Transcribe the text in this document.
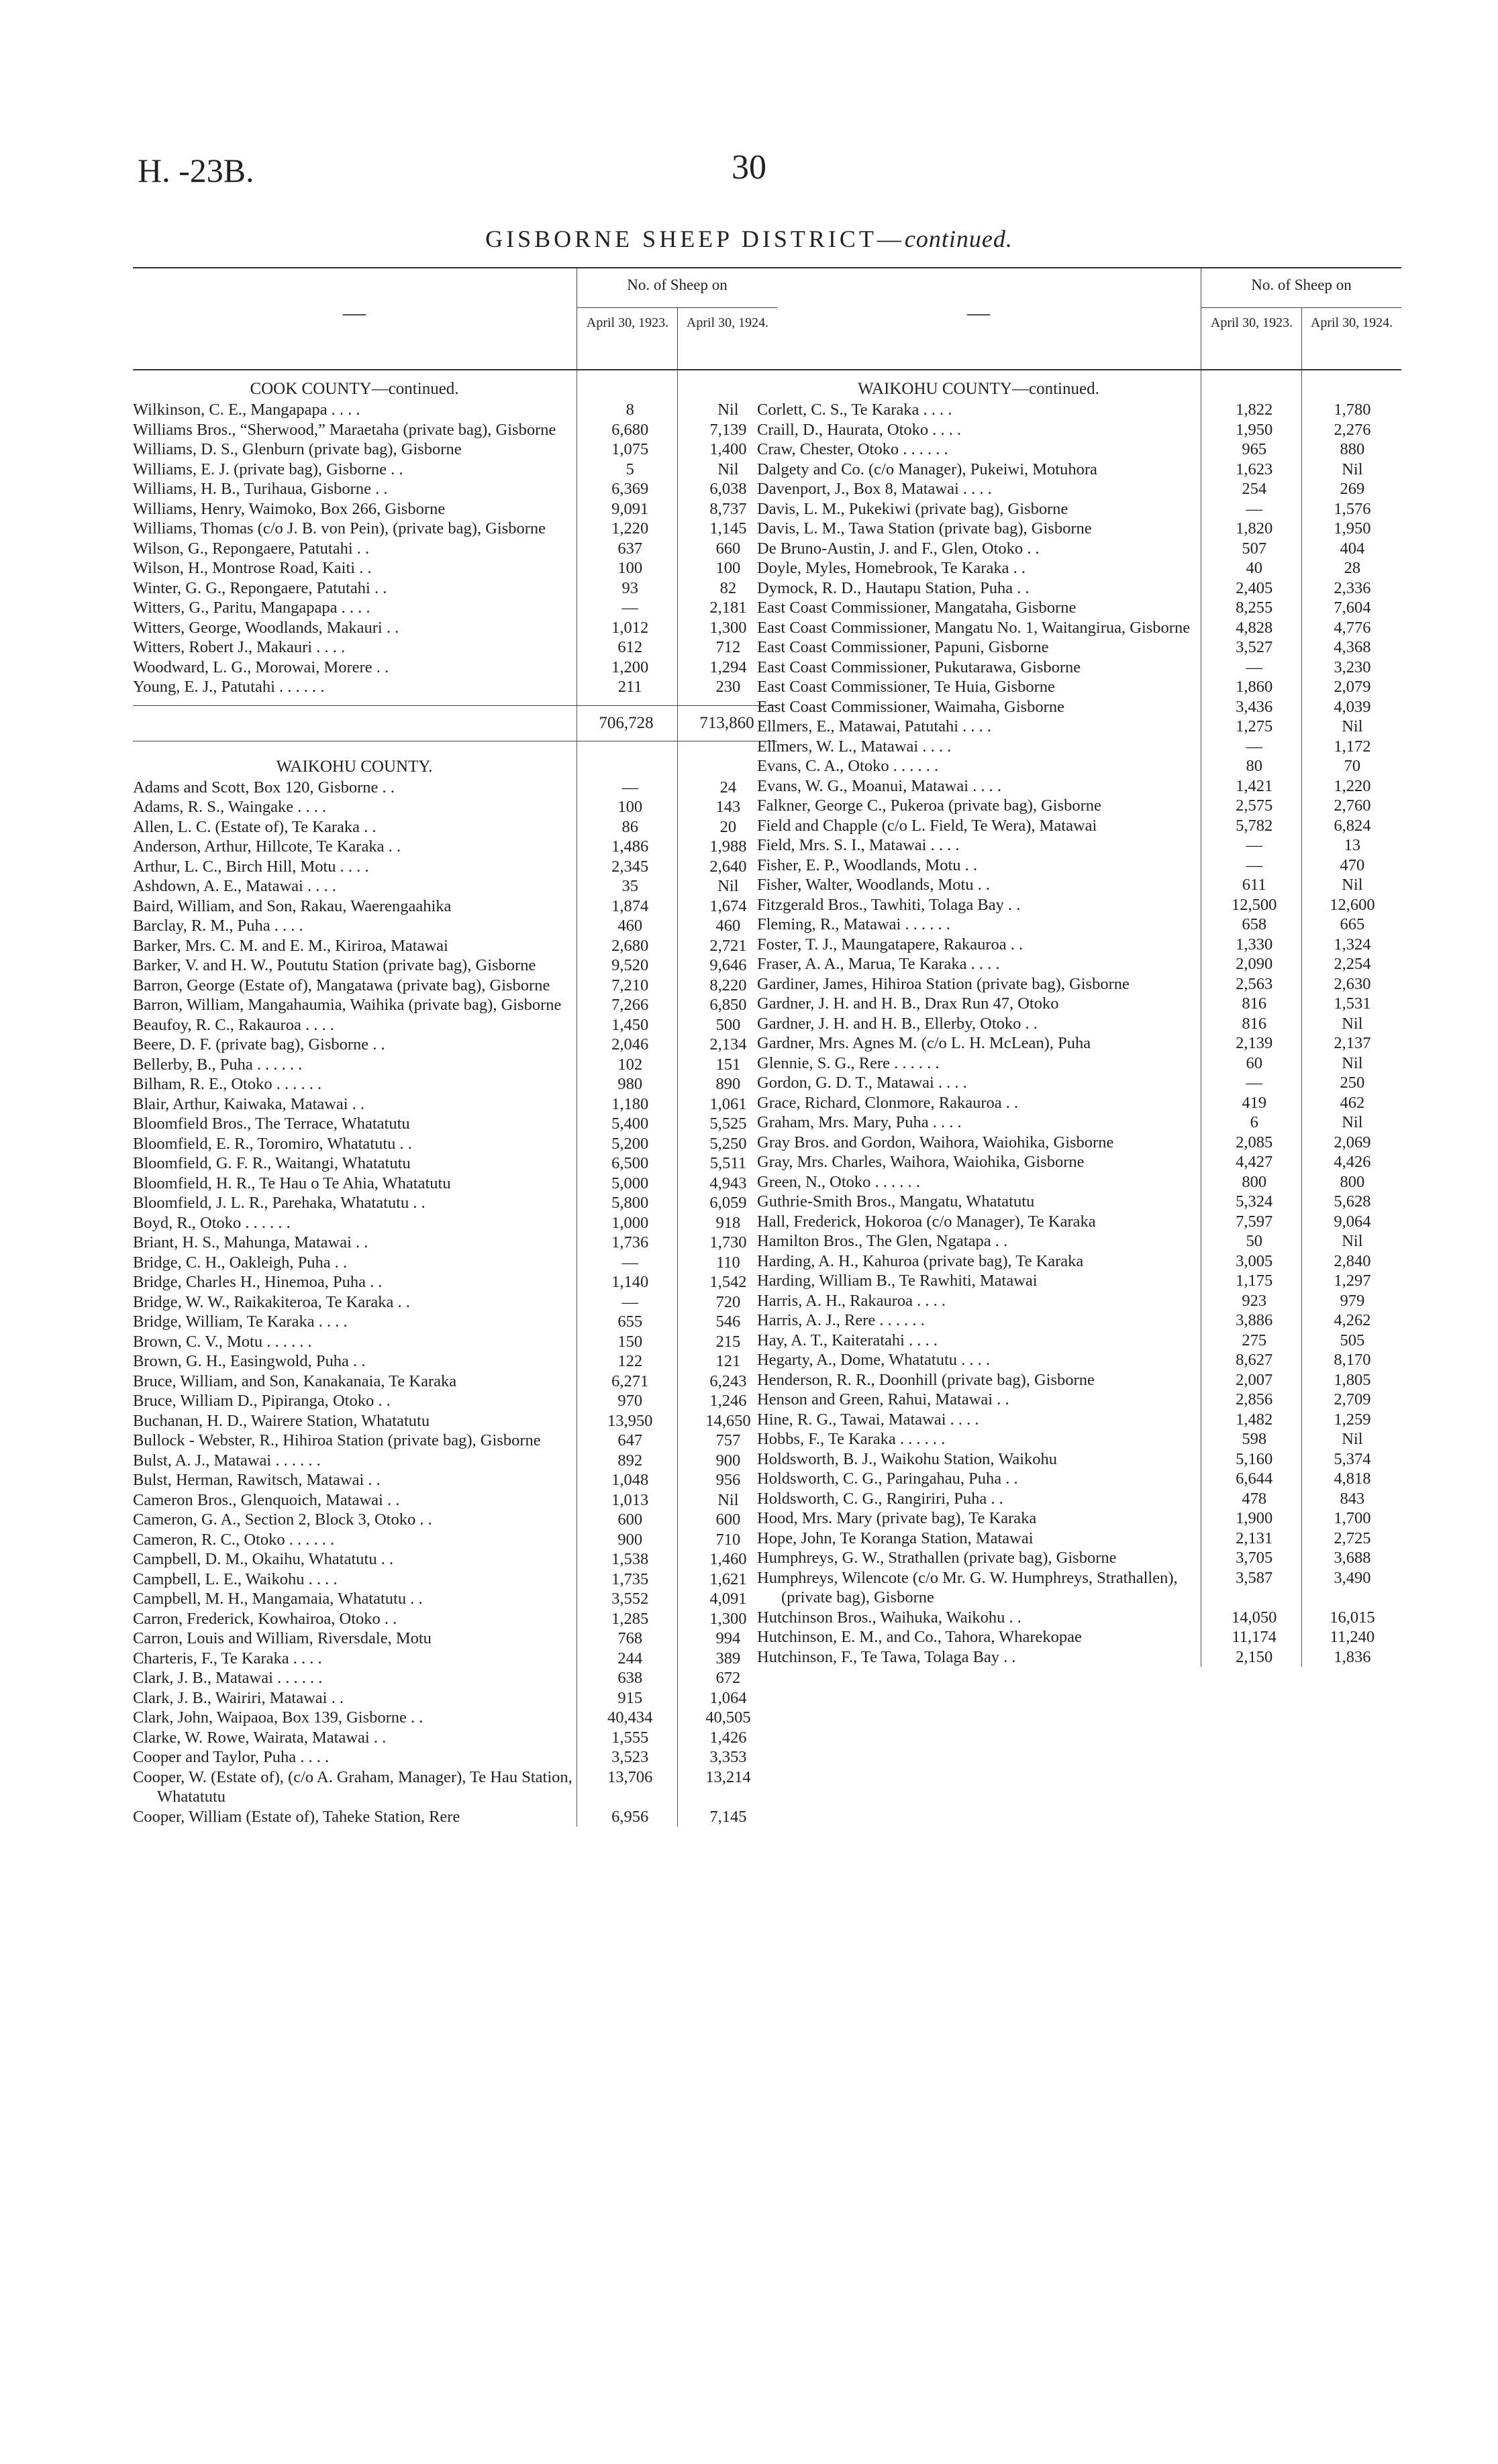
H. -23B.	30
GISBORNE SHEEP DISTRICT—continued.
—
No. of Sheep on
April 30, 1923.	April 30, 1924.
COOK COUNTY—continued.
Wilkinson, C. E., Mangapapa . . . .	8	Nil
Williams Bros., “Sherwood,” Maraetaha (private bag), Gisborne	6,680	7,139
Williams, D. S., Glenburn (private bag), Gisborne	1,075	1,400
Williams, E. J. (private bag), Gisborne . .	5	Nil
Williams, H. B., Turihaua, Gisborne . .	6,369	6,038
Williams, Henry, Waimoko, Box 266, Gisborne	9,091	8,737
Williams, Thomas (c/o J. B. von Pein), (private bag), Gisborne	1,220	1,145
Wilson, G., Repongaere, Patutahi . .	637	660
Wilson, H., Montrose Road, Kaiti . .	100	100
Winter, G. G., Repongaere, Patutahi . .	93	82
Witters, G., Paritu, Mangapapa . . . .	—	2,181
Witters, George, Woodlands, Makauri . .	1,012	1,300
Witters, Robert J., Makauri . . . .	612	712
Woodward, L. G., Morowai, Morere . .	1,200	1,294
Young, E. J., Patutahi . . . . . .	211	230
706,728	713,860
WAIKOHU COUNTY.
Adams and Scott, Box 120, Gisborne . .	—	24
Adams, R. S., Waingake . . . .	100	143
Allen, L. C. (Estate of), Te Karaka . .	86	20
Anderson, Arthur, Hillcote, Te Karaka . .	1,486	1,988
Arthur, L. C., Birch Hill, Motu . . . .	2,345	2,640
Ashdown, A. E., Matawai . . . .	35	Nil
Baird, William, and Son, Rakau, Waerengaahika	1,874	1,674
Barclay, R. M., Puha . . . .	460	460
Barker, Mrs. C. M. and E. M., Kiriroa, Matawai	2,680	2,721
Barker, V. and H. W., Poututu Station (private bag), Gisborne	9,520	9,646
Barron, George (Estate of), Mangatawa (private bag), Gisborne	7,210	8,220
Barron, William, Mangahaumia, Waihika (private bag), Gisborne	7,266	6,850
Beaufoy, R. C., Rakauroa . . . .	1,450	500
Beere, D. F. (private bag), Gisborne . .	2,046	2,134
Bellerby, B., Puha . . . . . .	102	151
Bilham, R. E., Otoko . . . . . .	980	890
Blair, Arthur, Kaiwaka, Matawai . .	1,180	1,061
Bloomfield Bros., The Terrace, Whatatutu	5,400	5,525
Bloomfield, E. R., Toromiro, Whatatutu . .	5,200	5,250
Bloomfield, G. F. R., Waitangi, Whatatutu	6,500	5,511
Bloomfield, H. R., Te Hau o Te Ahia, Whatatutu	5,000	4,943
Bloomfield, J. L. R., Parehaka, Whatatutu . .	5,800	6,059
Boyd, R., Otoko . . . . . .	1,000	918
Briant, H. S., Mahunga, Matawai . .	1,736	1,730
Bridge, C. H., Oakleigh, Puha . .	—	110
Bridge, Charles H., Hinemoa, Puha . .	1,140	1,542
Bridge, W. W., Raikakiteroa, Te Karaka . .	—	720
Bridge, William, Te Karaka . . . .	655	546
Brown, C. V., Motu . . . . . .	150	215
Brown, G. H., Easingwold, Puha . .	122	121
Bruce, William, and Son, Kanakanaia, Te Karaka	6,271	6,243
Bruce, William D., Pipiranga, Otoko . .	970	1,246
Buchanan, H. D., Wairere Station, Whatatutu	13,950	14,650
Bullock - Webster, R., Hihiroa Station (private bag), Gisborne	647	757
Bulst, A. J., Matawai . . . . . .	892	900
Bulst, Herman, Rawitsch, Matawai . .	1,048	956
Cameron Bros., Glenquoich, Matawai . .	1,013	Nil
Cameron, G. A., Section 2, Block 3, Otoko . .	600	600
Cameron, R. C., Otoko . . . . . .	900	710
Campbell, D. M., Okaihu, Whatatutu . .	1,538	1,460
Campbell, L. E., Waikohu . . . .	1,735	1,621
Campbell, M. H., Mangamaia, Whatatutu . .	3,552	4,091
Carron, Frederick, Kowhairoa, Otoko . .	1,285	1,300
Carron, Louis and William, Riversdale, Motu	768	994
Charteris, F., Te Karaka . . . .	244	389
Clark, J. B., Matawai . . . . . .	638	672
Clark, J. B., Wairiri, Matawai . .	915	1,064
Clark, John, Waipaoa, Box 139, Gisborne . .	40,434	40,505
Clarke, W. Rowe, Wairata, Matawai . .	1,555	1,426
Cooper and Taylor, Puha . . . .	3,523	3,353
Cooper, W. (Estate of), (c/o A. Graham, Manager), Te Hau Station, Whatatutu
13,706	13,214
Cooper, William (Estate of), Taheke Station, Rere	6,956	7,145
—
No. of Sheep on
April 30, 1923.	April 30, 1924.
WAIKOHU COUNTY—continued.
Corlett, C. S., Te Karaka . . . .	1,822	1,780
Craill, D., Haurata, Otoko . . . .	1,950	2,276
Craw, Chester, Otoko . . . . . .	965	880
Dalgety and Co. (c/o Manager), Pukeiwi, Motuhora	1,623	Nil
Davenport, J., Box 8, Matawai . . . .	254	269
Davis, L. M., Pukekiwi (private bag), Gisborne	—	1,576
Davis, L. M., Tawa Station (private bag), Gisborne	1,820	1,950
De Bruno-Austin, J. and F., Glen, Otoko . .	507	404
Doyle, Myles, Homebrook, Te Karaka . .	40	28
Dymock, R. D., Hautapu Station, Puha . .	2,405	2,336
East Coast Commissioner, Mangataha, Gisborne	8,255	7,604
East Coast Commissioner, Mangatu No. 1, Waitangirua, Gisborne	4,828	4,776
East Coast Commissioner, Papuni, Gisborne	3,527	4,368
East Coast Commissioner, Pukutarawa, Gisborne	—	3,230
East Coast Commissioner, Te Huia, Gisborne	1,860	2,079
East Coast Commissioner, Waimaha, Gisborne	3,436	4,039
Ellmers, E., Matawai, Patutahi . . . .	1,275	Nil
Ellmers, W. L., Matawai . . . .	—	1,172
Evans, C. A., Otoko . . . . . .	80	70
Evans, W. G., Moanui, Matawai . . . .	1,421	1,220
Falkner, George C., Pukeroa (private bag), Gisborne	2,575	2,760
Field and Chapple (c/o L. Field, Te Wera), Matawai	5,782	6,824
Field, Mrs. S. I., Matawai . . . .	—	13
Fisher, E. P., Woodlands, Motu . .	—	470
Fisher, Walter, Woodlands, Motu . .	611	Nil
Fitzgerald Bros., Tawhiti, Tolaga Bay . .	12,500	12,600
Fleming, R., Matawai . . . . . .	658	665
Foster, T. J., Maungatapere, Rakauroa . .	1,330	1,324
Fraser, A. A., Marua, Te Karaka . . . .	2,090	2,254
Gardiner, James, Hihiroa Station (private bag), Gisborne	2,563	2,630
Gardner, J. H. and H. B., Drax Run 47, Otoko	816	1,531
Gardner, J. H. and H. B., Ellerby, Otoko . .	816	Nil
Gardner, Mrs. Agnes M. (c/o L. H. McLean), Puha	2,139	2,137
Glennie, S. G., Rere . . . . . .	60	Nil
Gordon, G. D. T., Matawai . . . .	—	250
Grace, Richard, Clonmore, Rakauroa . .	419	462
Graham, Mrs. Mary, Puha . . . .	6	Nil
Gray Bros. and Gordon, Waihora, Waiohika, Gisborne	2,085	2,069
Gray, Mrs. Charles, Waihora, Waiohika, Gisborne	4,427	4,426
Green, N., Otoko . . . . . .	800	800
Guthrie-Smith Bros., Mangatu, Whatatutu	5,324	5,628
Hall, Frederick, Hokoroa (c/o Manager), Te Karaka	7,597	9,064
Hamilton Bros., The Glen, Ngatapa . .	50	Nil
Harding, A. H., Kahuroa (private bag), Te Karaka	3,005	2,840
Harding, William B., Te Rawhiti, Matawai	1,175	1,297
Harris, A. H., Rakauroa . . . .	923	979
Harris, A. J., Rere . . . . . .	3,886	4,262
Hay, A. T., Kaiteratahi . . . .	275	505
Hegarty, A., Dome, Whatatutu . . . .	8,627	8,170
Henderson, R. R., Doonhill (private bag), Gisborne	2,007	1,805
Henson and Green, Rahui, Matawai . .	2,856	2,709
Hine, R. G., Tawai, Matawai . . . .	1,482	1,259
Hobbs, F., Te Karaka . . . . . .	598	Nil
Holdsworth, B. J., Waikohu Station, Waikohu	5,160	5,374
Holdsworth, C. G., Paringahau, Puha . .	6,644	4,818
Holdsworth, C. G., Rangiriri, Puha . .	478	843
Hood, Mrs. Mary (private bag), Te Karaka	1,900	1,700
Hope, John, Te Koranga Station, Matawai	2,131	2,725
Humphreys, G. W., Strathallen (private bag), Gisborne	3,705	3,688
Humphreys, Wilencote (c/o Mr. G. W. Humphreys, Strathallen), (private bag), Gisborne
3,587	3,490
Hutchinson Bros., Waihuka, Waikohu . .	14,050	16,015
Hutchinson, E. M., and Co., Tahora, Wharekopae	11,174	11,240
Hutchinson, F., Te Tawa, Tolaga Bay . .	2,150	1,836
